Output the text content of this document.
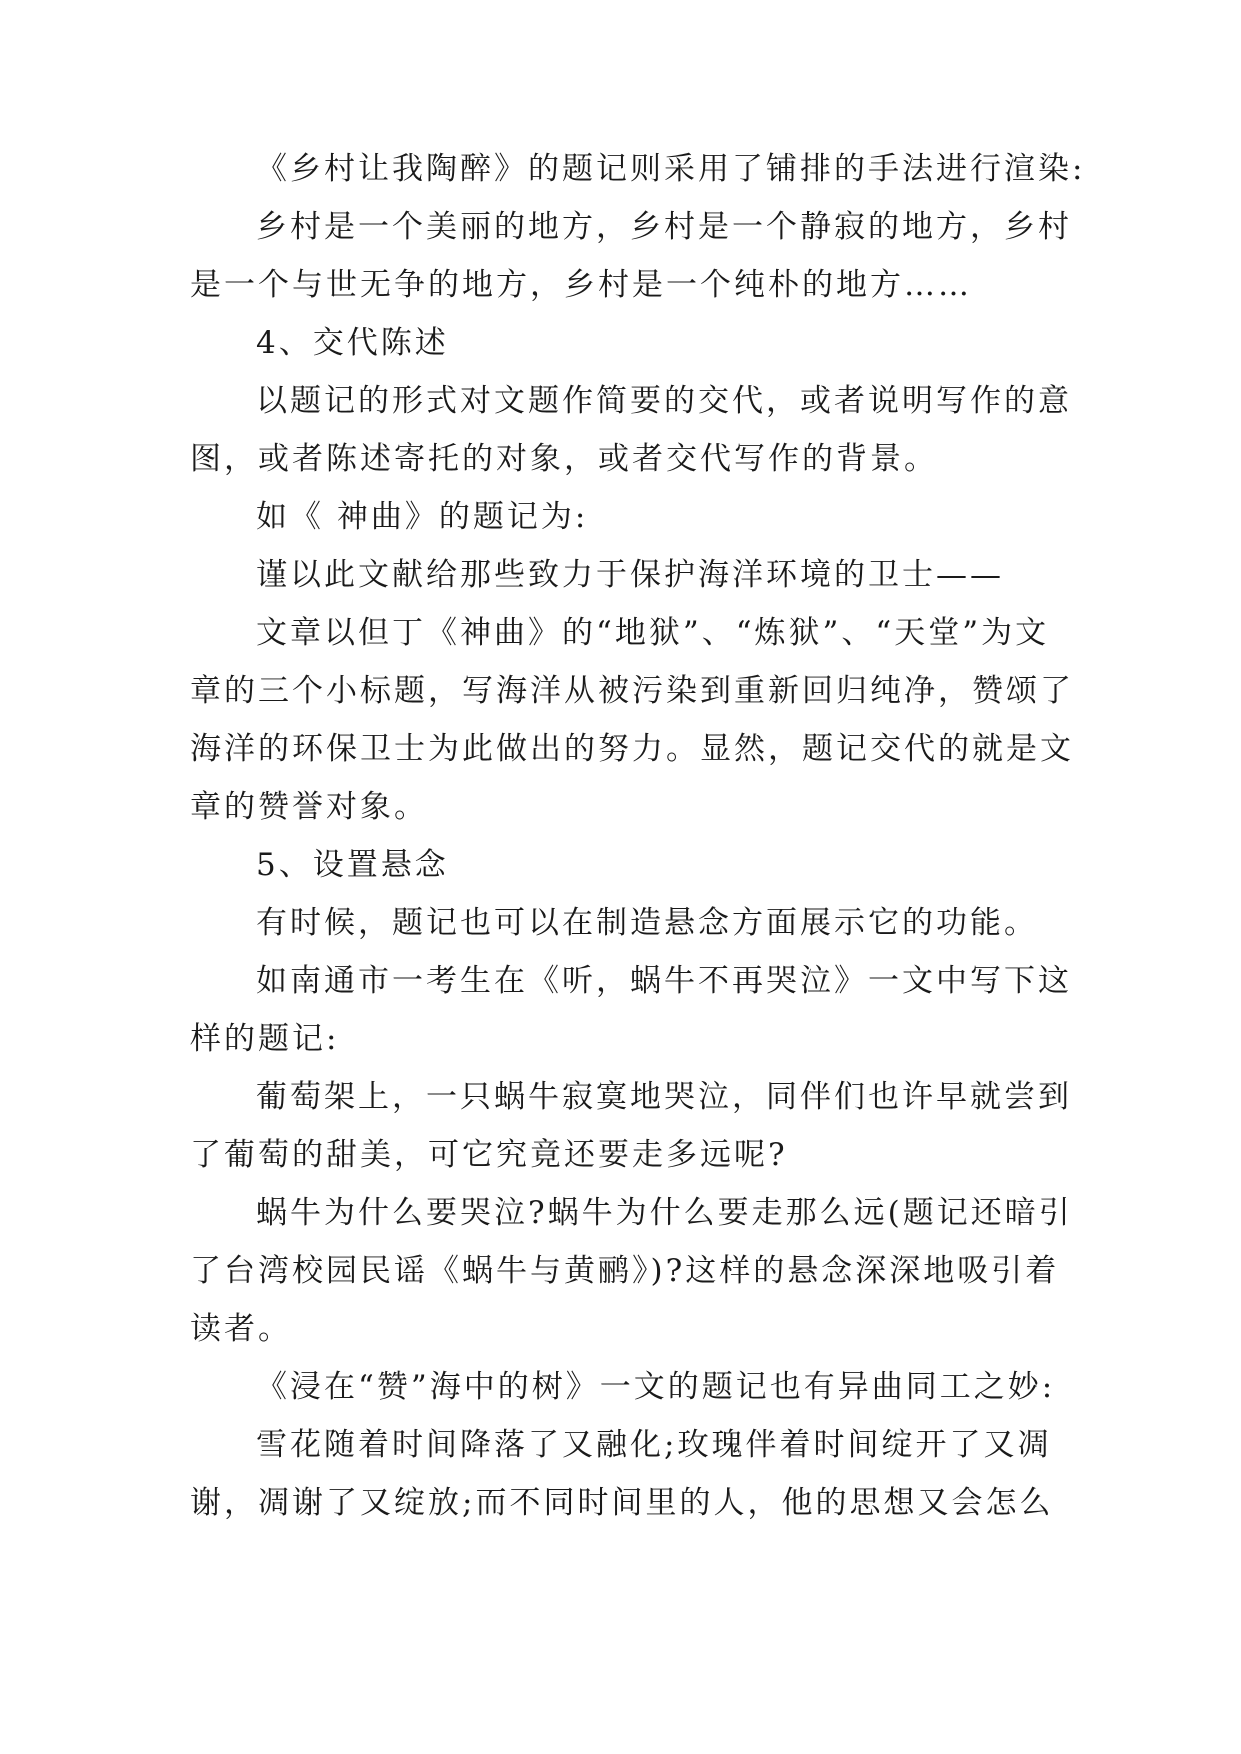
《乡村让我陶醉》的题记则采用了铺排的手法进行渲染:
乡村是一个美丽的地方，乡村是一个静寂的地方，乡村
是一个与世无争的地方，乡村是一个纯朴的地方……
4、交代陈述
以题记的形式对文题作简要的交代，或者说明写作的意
图，或者陈述寄托的对象，或者交代写作的背景。
如《 神曲》的题记为:
谨以此文献给那些致力于保护海洋环境的卫士——
文章以但丁《神曲》的“地狱”、“炼狱”、“天堂”为文
章的三个小标题，写海洋从被污染到重新回归纯净，赞颂了
海洋的环保卫士为此做出的努力。显然，题记交代的就是文
章的赞誉对象。
5、设置悬念
有时候，题记也可以在制造悬念方面展示它的功能。
如南通市一考生在《听，蜗牛不再哭泣》一文中写下这
样的题记:
葡萄架上，一只蜗牛寂寞地哭泣，同伴们也许早就尝到
了葡萄的甜美，可它究竟还要走多远呢?
蜗牛为什么要哭泣?蜗牛为什么要走那么远(题记还暗引
了台湾校园民谣《蜗牛与黄鹂》)?这样的悬念深深地吸引着
读者。
《浸在“赞”海中的树》一文的题记也有异曲同工之妙:
雪花随着时间降落了又融化;玫瑰伴着时间绽开了又凋
谢，凋谢了又绽放;而不同时间里的人，他的思想又会怎么
